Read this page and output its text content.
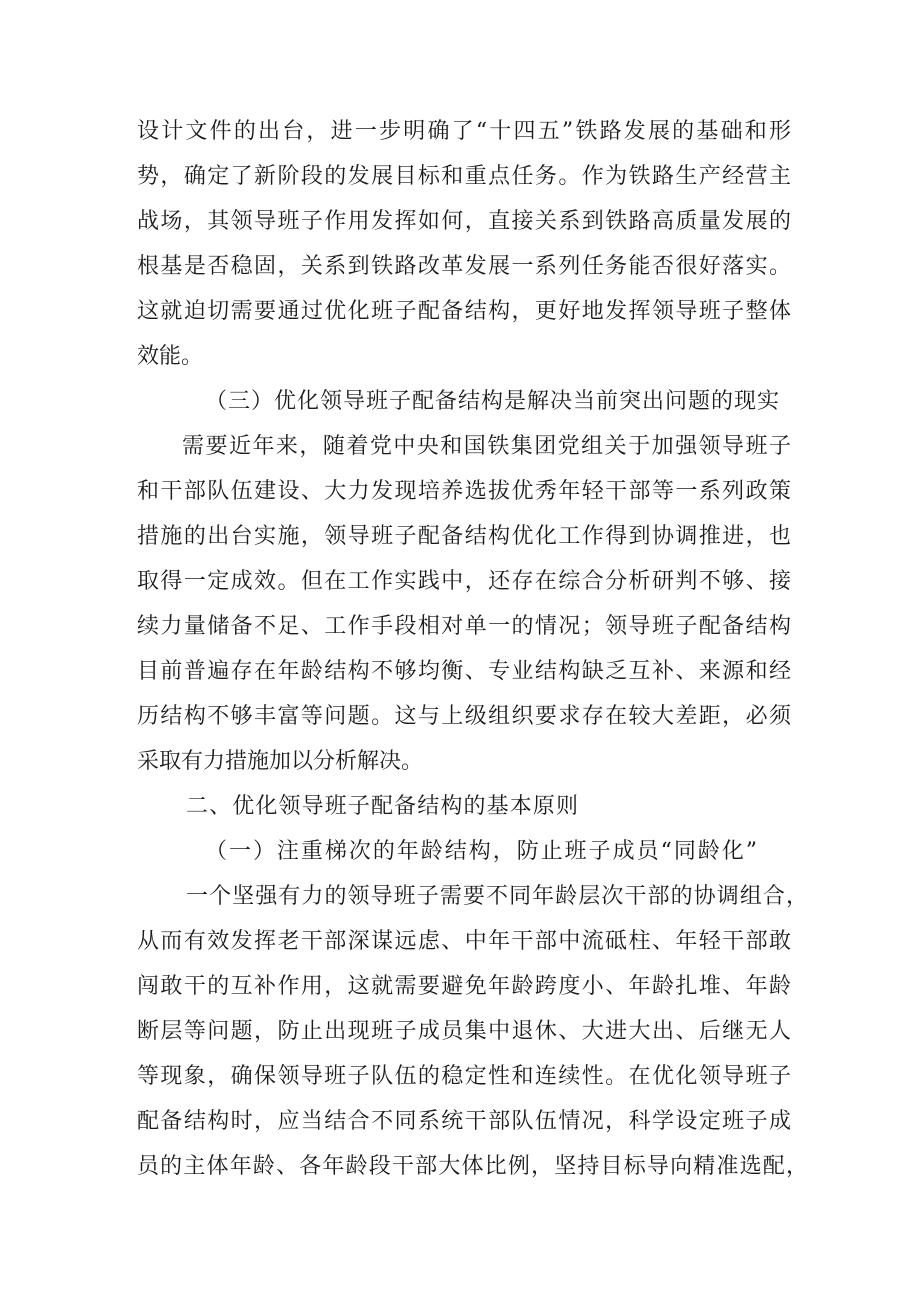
设计文件的出台，进一步明确了“十四五”铁路发展的基础和形
势，确定了新阶段的发展目标和重点任务。作为铁路生产经营主
战场，其领导班子作用发挥如何，直接关系到铁路高质量发展的
根基是否稳固，关系到铁路改革发展一系列任务能否很好落实。
这就迫切需要通过优化班子配备结构，更好地发挥领导班子整体
效能。
（三）优化领导班子配备结构是解决当前突出问题的现实
需要近年来，随着党中央和国铁集团党组关于加强领导班子
和干部队伍建设、大力发现培养选拔优秀年轻干部等一系列政策
措施的出台实施，领导班子配备结构优化工作得到协调推进，也
取得一定成效。但在工作实践中，还存在综合分析研判不够、接
续力量储备不足、工作手段相对单一的情况；领导班子配备结构
目前普遍存在年龄结构不够均衡、专业结构缺乏互补、来源和经
历结构不够丰富等问题。这与上级组织要求存在较大差距，必须
采取有力措施加以分析解决。
二、优化领导班子配备结构的基本原则
（一）注重梯次的年龄结构，防止班子成员“同龄化”
一个坚强有力的领导班子需要不同年龄层次干部的协调组合，
从而有效发挥老干部深谋远虑、中年干部中流砥柱、年轻干部敢
闯敢干的互补作用，这就需要避免年龄跨度小、年龄扎堆、年龄
断层等问题，防止出现班子成员集中退休、大进大出、后继无人
等现象，确保领导班子队伍的稳定性和连续性。在优化领导班子
配备结构时，应当结合不同系统干部队伍情况，科学设定班子成
员的主体年龄、各年龄段干部大体比例，坚持目标导向精准选配，
